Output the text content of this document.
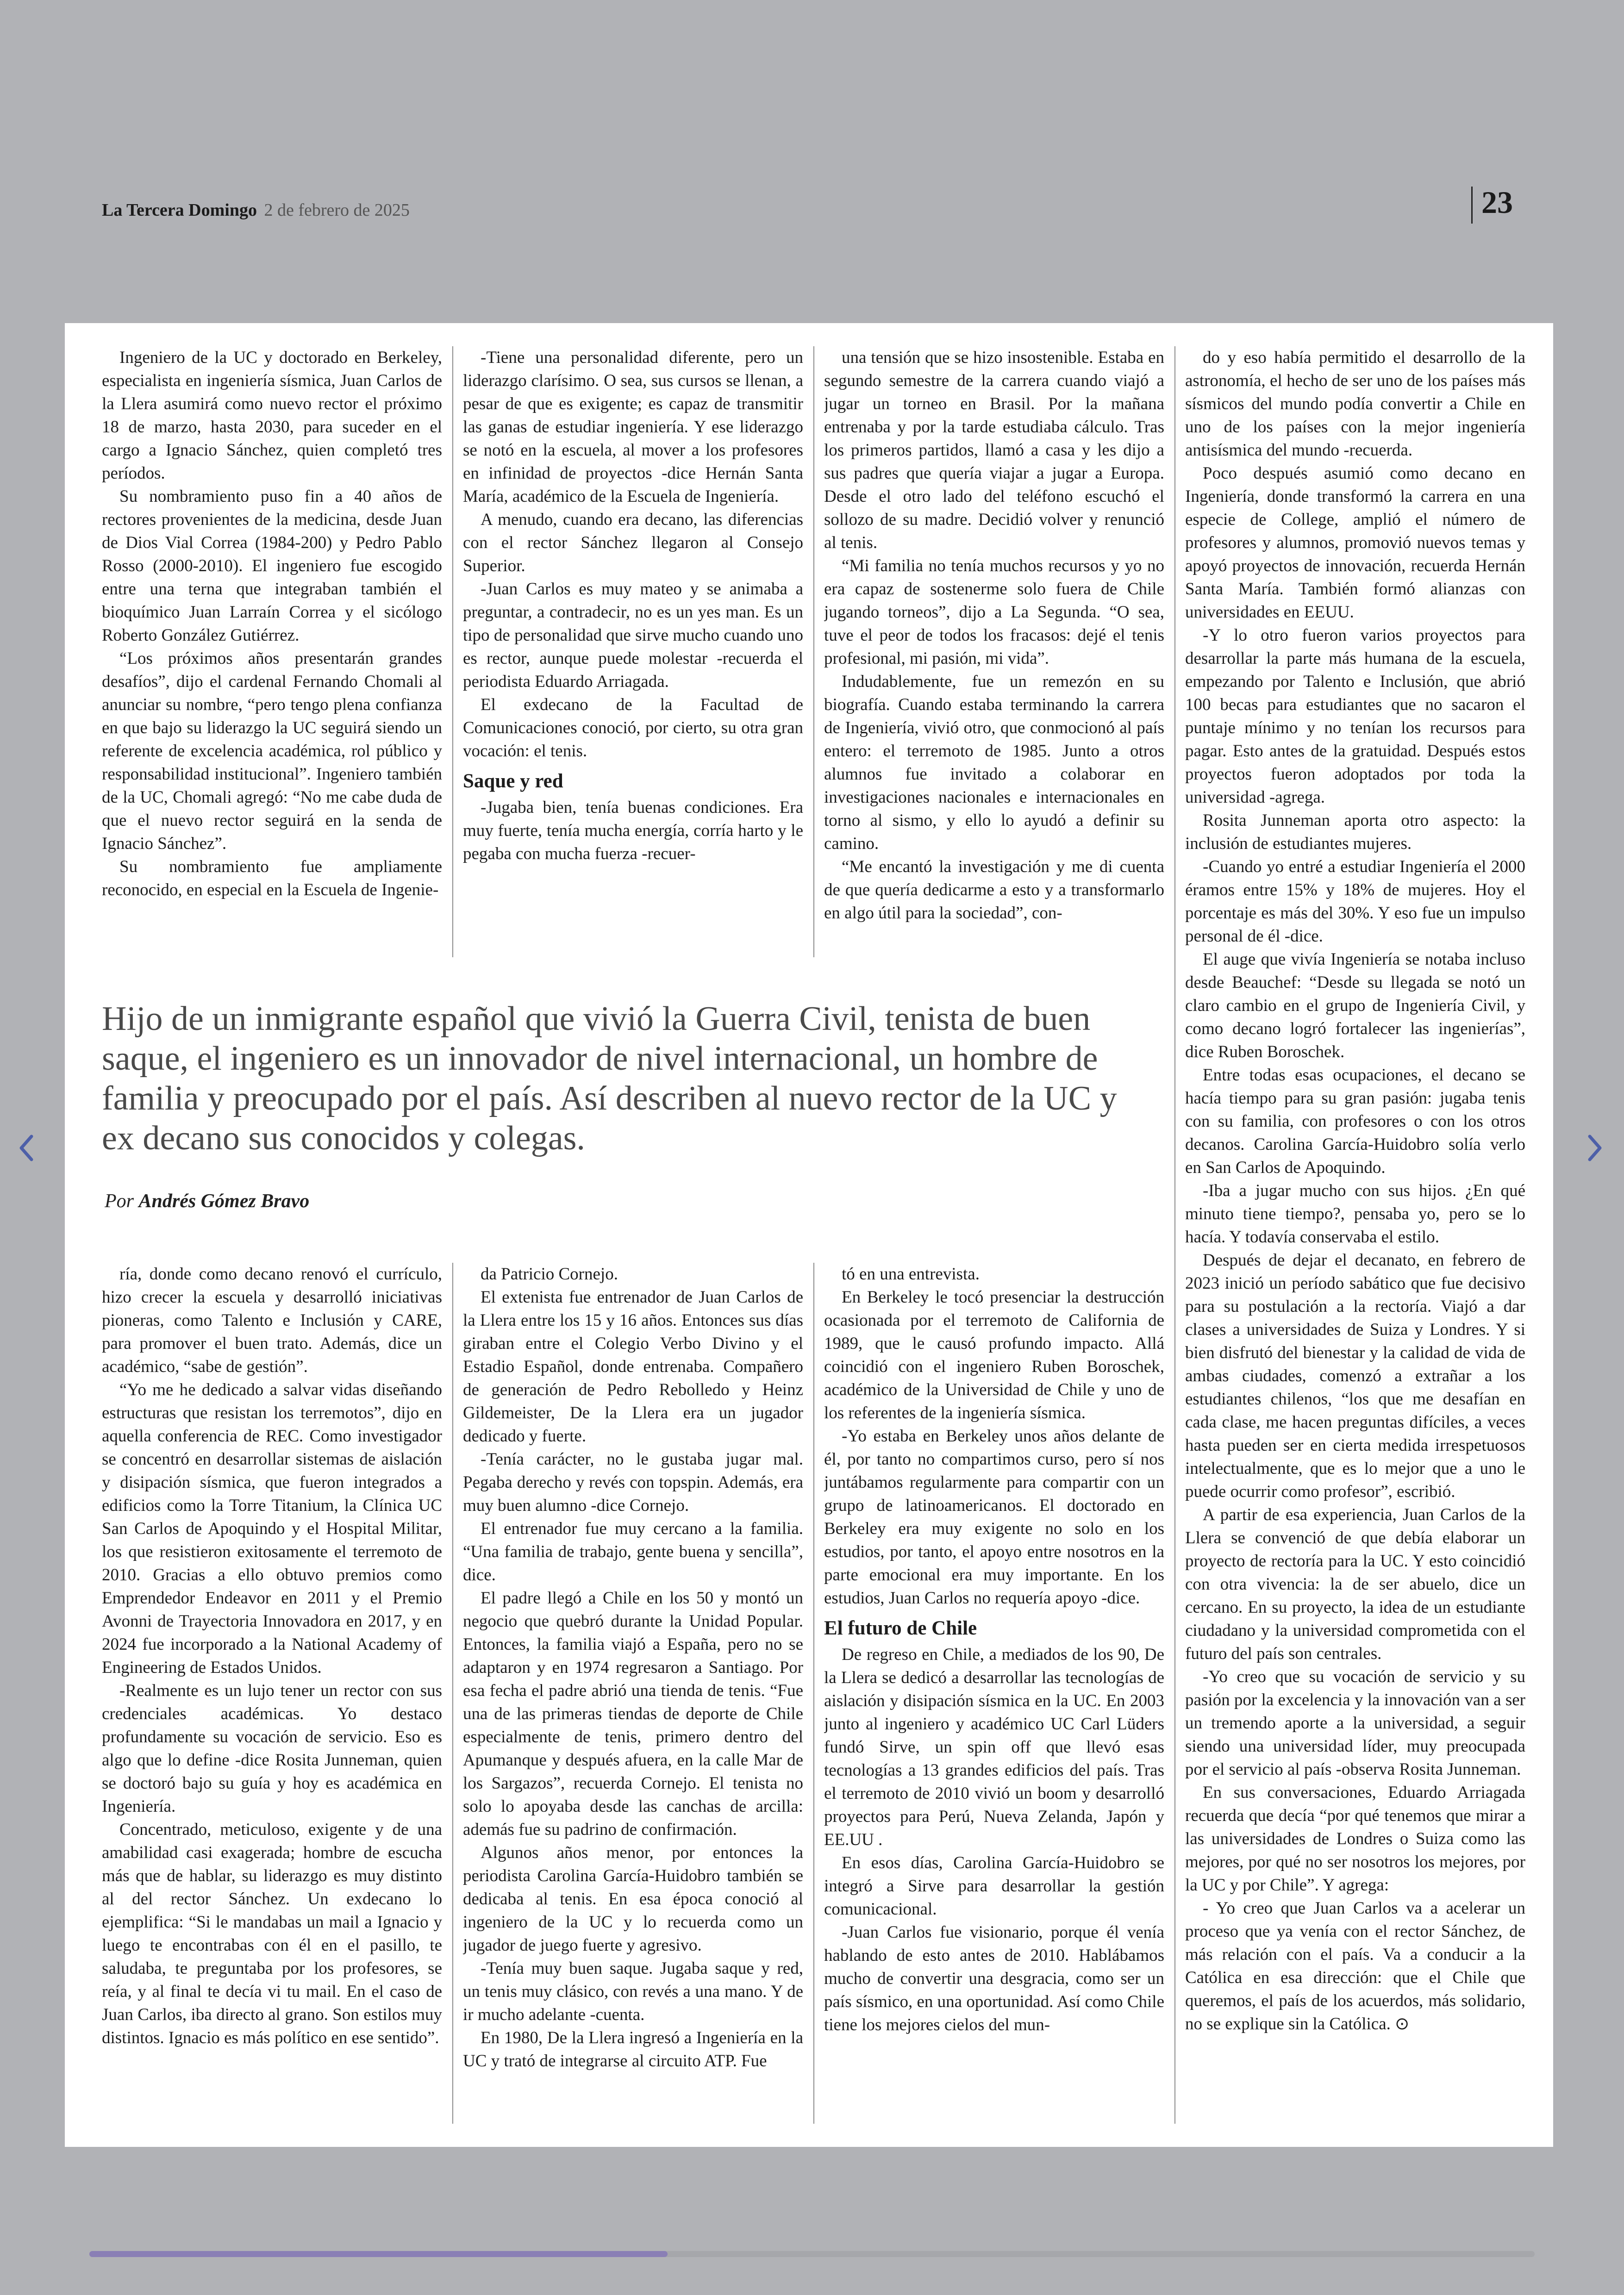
La Tercera Domingo 2 de febrero de 2025	23

Ingeniero de la UC y doctorado en Berkeley, especialista en ingeniería sísmica, Juan Carlos de la Llera asumirá como nuevo rector el próximo 18 de marzo, hasta 2030, para suceder en el cargo a Ignacio Sánchez, quien completó tres períodos.

Su nombramiento puso fin a 40 años de rectores provenientes de la medicina, desde Juan de Dios Vial Correa (1984-200) y Pedro Pablo Rosso (2000-2010). El ingeniero fue escogido entre una terna que integraban también el bioquímico Juan Larraín Correa y el sicólogo Roberto González Gutiérrez.

“Los próximos años presentarán grandes desafíos”, dijo el cardenal Fernando Chomali al anunciar su nombre, “pero tengo plena confianza en que bajo su liderazgo la UC seguirá siendo un referente de excelencia académica, rol público y responsabilidad institucional”. Ingeniero también de la UC, Chomali agregó: “No me cabe duda de que el nuevo rector seguirá en la senda de Ignacio Sánchez”.

Su nombramiento fue ampliamente reconocido, en especial en la Escuela de Ingenie-

-Tiene una personalidad diferente, pero un liderazgo clarísimo. O sea, sus cursos se llenan, a pesar de que es exigente; es capaz de transmitir las ganas de estudiar ingeniería. Y ese liderazgo se notó en la escuela, al mover a los profesores en infinidad de proyectos -dice Hernán Santa María, académico de la Escuela de Ingeniería.

A menudo, cuando era decano, las diferencias con el rector Sánchez llegaron al Consejo Superior.

-Juan Carlos es muy mateo y se animaba a preguntar, a contradecir, no es un yes man. Es un tipo de personalidad que sirve mucho cuando uno es rector, aunque puede molestar -recuerda el periodista Eduardo Arriagada.

El exdecano de la Facultad de Comunicaciones conoció, por cierto, su otra gran vocación: el tenis.

Saque y red

-Jugaba bien, tenía buenas condiciones. Era muy fuerte, tenía mucha energía, corría harto y le pegaba con mucha fuerza -recuer-

una tensión que se hizo insostenible. Estaba en segundo semestre de la carrera cuando viajó a jugar un torneo en Brasil. Por la mañana entrenaba y por la tarde estudiaba cálculo. Tras los primeros partidos, llamó a casa y les dijo a sus padres que quería viajar a jugar a Europa. Desde el otro lado del teléfono escuchó el sollozo de su madre. Decidió volver y renunció al tenis.

“Mi familia no tenía muchos recursos y yo no era capaz de sostenerme solo fuera de Chile jugando torneos”, dijo a La Segunda. “O sea, tuve el peor de todos los fracasos: dejé el tenis profesional, mi pasión, mi vida”.

Indudablemente, fue un remezón en su biografía. Cuando estaba terminando la carrera de Ingeniería, vivió otro, que conmocionó al país entero: el terremoto de 1985. Junto a otros alumnos fue invitado a colaborar en investigaciones nacionales e internacionales en torno al sismo, y ello lo ayudó a definir su camino.

“Me encantó la investigación y me di cuenta de que quería dedicarme a esto y a transformarlo en algo útil para la sociedad”, con-

do y eso había permitido el desarrollo de la astronomía, el hecho de ser uno de los países más sísmicos del mundo podía convertir a Chile en uno de los países con la mejor ingeniería antisísmica del mundo -recuerda.

Poco después asumió como decano en Ingeniería, donde transformó la carrera en una especie de College, amplió el número de profesores y alumnos, promovió nuevos temas y apoyó proyectos de innovación, recuerda Hernán Santa María. También formó alianzas con universidades en EEUU.

-Y lo otro fueron varios proyectos para desarrollar la parte más humana de la escuela, empezando por Talento e Inclusión, que abrió 100 becas para estudiantes que no sacaron el puntaje mínimo y no tenían los recursos para pagar. Esto antes de la gratuidad. Después estos proyectos fueron adoptados por toda la universidad -agrega.

Rosita Junneman aporta otro aspecto: la inclusión de estudiantes mujeres.

-Cuando yo entré a estudiar Ingeniería el 2000 éramos entre 15% y 18% de mujeres. Hoy el porcentaje es más del 30%. Y eso fue un impulso personal de él -dice.

El auge que vivía Ingeniería se notaba incluso desde Beauchef: “Desde su llegada se notó un claro cambio en el grupo de Ingeniería Civil, y como decano logró fortalecer las ingenierías”, dice Ruben Boroschek.

Entre todas esas ocupaciones, el decano se hacía tiempo para su gran pasión: jugaba tenis con su familia, con profesores o con los otros decanos. Carolina García-Huidobro solía verlo en San Carlos de Apoquindo.

-Iba a jugar mucho con sus hijos. ¿En qué minuto tiene tiempo?, pensaba yo, pero se lo hacía. Y todavía conservaba el estilo.

Después de dejar el decanato, en febrero de 2023 inició un período sabático que fue decisivo para su postulación a la rectoría. Viajó a dar clases a universidades de Suiza y Londres. Y si bien disfrutó del bienestar y la calidad de vida de ambas ciudades, comenzó a extrañar a los estudiantes chilenos, “los que me desafían en cada clase, me hacen preguntas difíciles, a veces hasta pueden ser en cierta medida irrespetuosos intelectualmente, que es lo mejor que a uno le puede ocurrir como profesor”, escribió.

A partir de esa experiencia, Juan Carlos de la Llera se convenció de que debía elaborar un proyecto de rectoría para la UC. Y esto coincidió con otra vivencia: la de ser abuelo, dice un cercano. En su proyecto, la idea de un estudiante ciudadano y la universidad comprometida con el futuro del país son centrales.

-Yo creo que su vocación de servicio y su pasión por la excelencia y la innovación van a ser un tremendo aporte a la universidad, a seguir siendo una universidad líder, muy preocupada por el servicio al país -observa Rosita Junneman.

En sus conversaciones, Eduardo Arriagada recuerda que decía “por qué tenemos que mirar a las universidades de Londres o Suiza como las mejores, por qué no ser nosotros los mejores, por la UC y por Chile”. Y agrega:

- Yo creo que Juan Carlos va a acelerar un proceso que ya venía con el rector Sánchez, de más relación con el país. Va a conducir a la Católica en esa dirección: que el Chile que queremos, el país de los acuerdos, más solidario, no se explique sin la Católica. ⊙

Hijo de un inmigrante español que vivió la Guerra Civil, tenista de buen saque, el ingeniero es un innovador de nivel internacional, un hombre de familia y preocupado por el país. Así describen al nuevo rector de la UC y ex decano sus conocidos y colegas.

Por Andrés Gómez Bravo

ría, donde como decano renovó el currículo, hizo crecer la escuela y desarrolló iniciativas pioneras, como Talento e Inclusión y CARE, para promover el buen trato. Además, dice un académico, “sabe de gestión”.

“Yo me he dedicado a salvar vidas diseñando estructuras que resistan los terremotos”, dijo en aquella conferencia de REC. Como investigador se concentró en desarrollar sistemas de aislación y disipación sísmica, que fueron integrados a edificios como la Torre Titanium, la Clínica UC San Carlos de Apoquindo y el Hospital Militar, los que resistieron exitosamente el terremoto de 2010. Gracias a ello obtuvo premios como Emprendedor Endeavor en 2011 y el Premio Avonni de Trayectoria Innovadora en 2017, y en 2024 fue incorporado a la National Academy of Engineering de Estados Unidos.

-Realmente es un lujo tener un rector con sus credenciales académicas. Yo destaco profundamente su vocación de servicio. Eso es algo que lo define -dice Rosita Junneman, quien se doctoró bajo su guía y hoy es académica en Ingeniería.

Concentrado, meticuloso, exigente y de una amabilidad casi exagerada; hombre de escucha más que de hablar, su liderazgo es muy distinto al del rector Sánchez. Un exdecano lo ejemplifica: “Si le mandabas un mail a Ignacio y luego te encontrabas con él en el pasillo, te saludaba, te preguntaba por los profesores, se reía, y al final te decía vi tu mail. En el caso de Juan Carlos, iba directo al grano. Son estilos muy distintos. Ignacio es más político en ese sentido”.

da Patricio Cornejo.

El extenista fue entrenador de Juan Carlos de la Llera entre los 15 y 16 años. Entonces sus días giraban entre el Colegio Verbo Divino y el Estadio Español, donde entrenaba. Compañero de generación de Pedro Rebolledo y Heinz Gildemeister, De la Llera era un jugador dedicado y fuerte.

-Tenía carácter, no le gustaba jugar mal. Pegaba derecho y revés con topspin. Además, era muy buen alumno -dice Cornejo.

El entrenador fue muy cercano a la familia. “Una familia de trabajo, gente buena y sencilla”, dice.

El padre llegó a Chile en los 50 y montó un negocio que quebró durante la Unidad Popular. Entonces, la familia viajó a España, pero no se adaptaron y en 1974 regresaron a Santiago. Por esa fecha el padre abrió una tienda de tenis. “Fue una de las primeras tiendas de deporte de Chile especialmente de tenis, primero dentro del Apumanque y después afuera, en la calle Mar de los Sargazos”, recuerda Cornejo. El tenista no solo lo apoyaba desde las canchas de arcilla: además fue su padrino de confirmación.

Algunos años menor, por entonces la periodista Carolina García-Huidobro también se dedicaba al tenis. En esa época conoció al ingeniero de la UC y lo recuerda como un jugador de juego fuerte y agresivo.

-Tenía muy buen saque. Jugaba saque y red, un tenis muy clásico, con revés a una mano. Y de ir mucho adelante -cuenta.

En 1980, De la Llera ingresó a Ingeniería en la UC y trató de integrarse al circuito ATP. Fue

tó en una entrevista.

En Berkeley le tocó presenciar la destrucción ocasionada por el terremoto de California de 1989, que le causó profundo impacto. Allá coincidió con el ingeniero Ruben Boroschek, académico de la Universidad de Chile y uno de los referentes de la ingeniería sísmica.

-Yo estaba en Berkeley unos años delante de él, por tanto no compartimos curso, pero sí nos juntábamos regularmente para compartir con un grupo de latinoamericanos. El doctorado en Berkeley era muy exigente no solo en los estudios, por tanto, el apoyo entre nosotros en la parte emocional era muy importante. En los estudios, Juan Carlos no requería apoyo -dice.

El futuro de Chile

De regreso en Chile, a mediados de los 90, De la Llera se dedicó a desarrollar las tecnologías de aislación y disipación sísmica en la UC. En 2003 junto al ingeniero y académico UC Carl Lüders fundó Sirve, un spin off que llevó esas tecnologías a 13 grandes edificios del país. Tras el terremoto de 2010 vivió un boom y desarrolló proyectos para Perú, Nueva Zelanda, Japón y EE.UU .

En esos días, Carolina García-Huidobro se integró a Sirve para desarrollar la gestión comunicacional.

-Juan Carlos fue visionario, porque él venía hablando de esto antes de 2010. Hablábamos mucho de convertir una desgracia, como ser un país sísmico, en una oportunidad. Así como Chile tiene los mejores cielos del mun-
